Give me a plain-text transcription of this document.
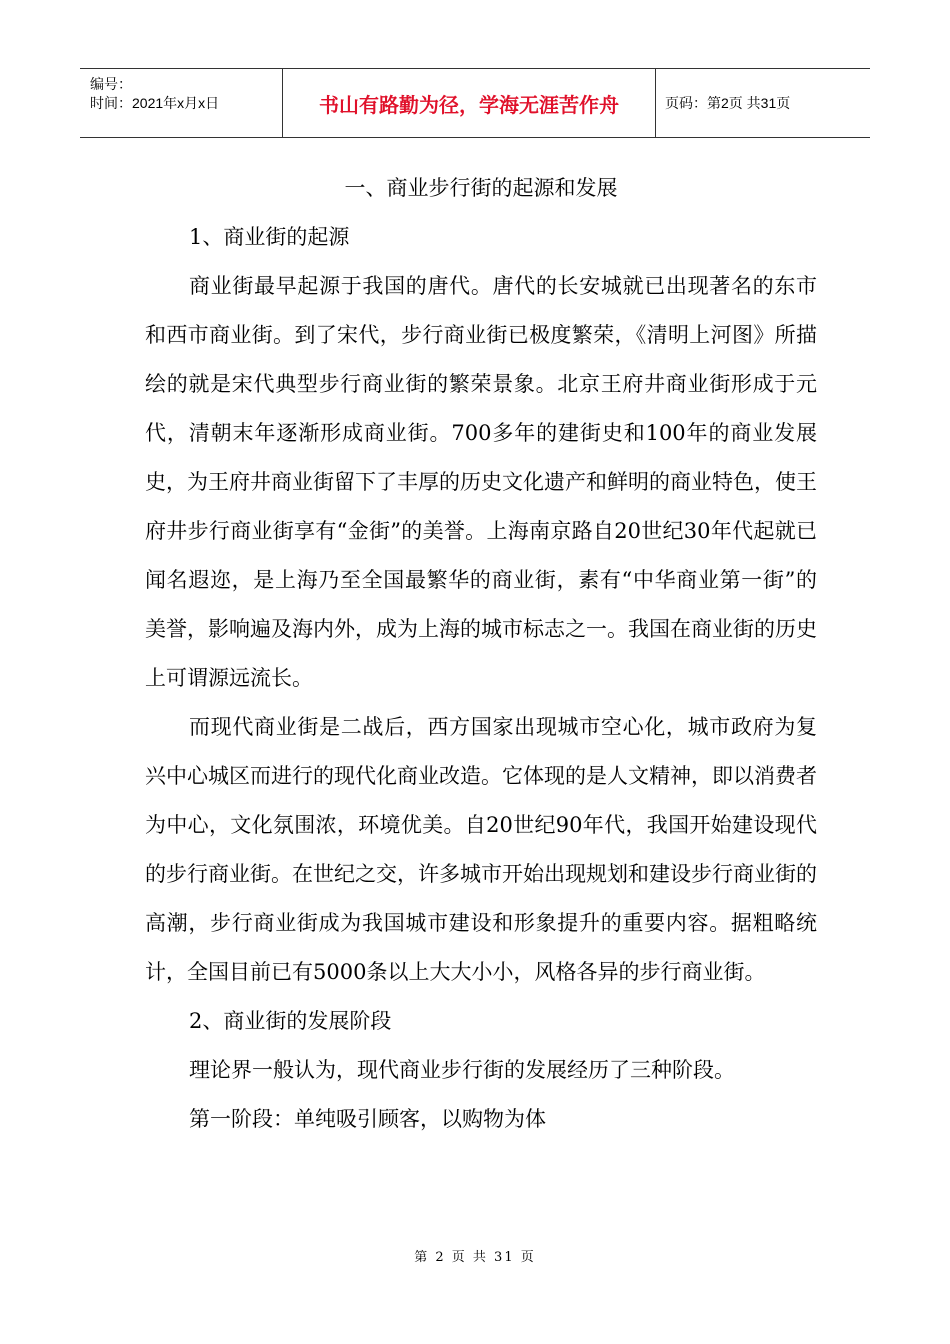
编号：
时间：2021年x月x日	书山有路勤为径，学海无涯苦作舟	页码：第2页 共31页

一、商业步行街的起源和发展

1、商业街的起源

商业街最早起源于我国的唐代。唐代的长安城就已出现著名的东市和西市商业街。到了宋代，步行商业街已极度繁荣，《清明上河图》所描绘的就是宋代典型步行商业街的繁荣景象。北京王府井商业街形成于元代，清朝末年逐渐形成商业街。700多年的建街史和100年的商业发展史，为王府井商业街留下了丰厚的历史文化遗产和鲜明的商业特色，使王府井步行商业街享有“金街”的美誉。上海南京路自20世纪30年代起就已闻名遐迩，是上海乃至全国最繁华的商业街，素有“中华商业第一街”的美誉，影响遍及海内外，成为上海的城市标志之一。我国在商业街的历史上可谓源远流长。

而现代商业街是二战后，西方国家出现城市空心化，城市政府为复兴中心城区而进行的现代化商业改造。它体现的是人文精神，即以消费者为中心，文化氛围浓，环境优美。自20世纪90年代，我国开始建设现代的步行商业街。在世纪之交，许多城市开始出现规划和建设步行商业街的高潮，步行商业街成为我国城市建设和形象提升的重要内容。据粗略统计，全国目前已有5000条以上大大小小，风格各异的步行商业街。

2、商业街的发展阶段

理论界一般认为，现代商业步行街的发展经历了三种阶段。

第一阶段：单纯吸引顾客，以购物为体

第 2 页 共 31 页
